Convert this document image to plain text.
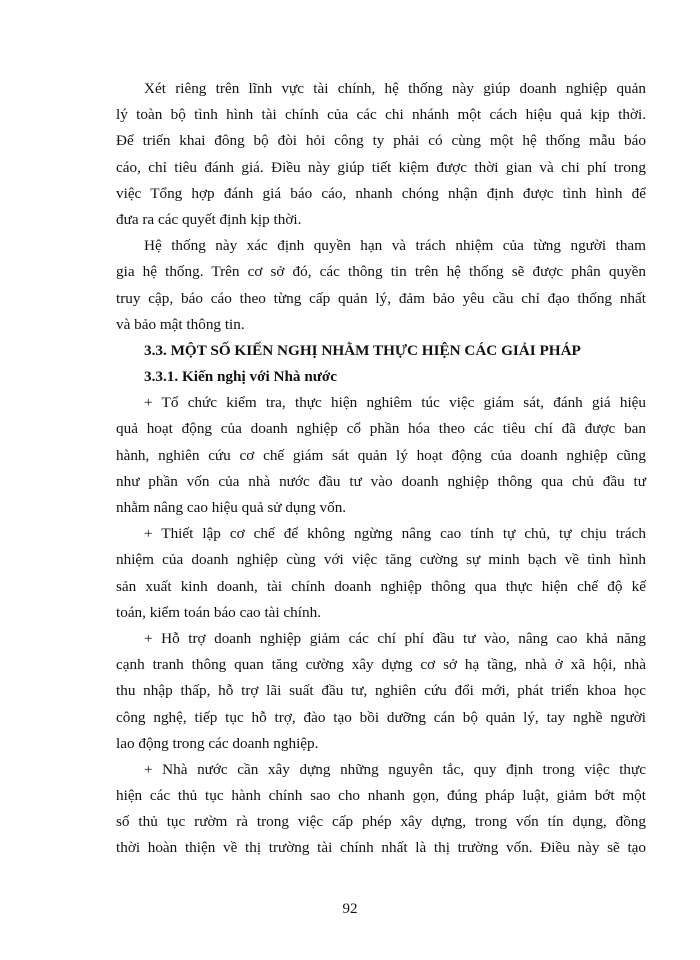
Xét riêng trên lĩnh vực tài chính, hệ thống này giúp doanh nghiệp quản
lý toàn bộ tình hình tài chính của các chi nhánh một cách hiệu quả kịp thời.
Để triển khai đông bộ đòi hỏi công ty phải có cùng một hệ thống mẫu báo
cáo, chỉ tiêu đánh giá. Điều này giúp tiết kiệm được thời gian và chi phí trong
việc Tổng hợp đánh giá báo cáo, nhanh chóng nhận định được tình hình để
đưa ra các quyết định kịp thời.

Hệ thống này xác định quyền hạn và trách nhiệm của từng người tham
gia hệ thống. Trên cơ sở đó, các thông tin trên hệ thống sẽ được phân quyền
truy cập, báo cáo theo từng cấp quản lý, đảm bảo yêu cầu chỉ đạo thống nhất
và bảo mật thông tin.

3.3. MỘT SỐ KIẾN NGHỊ NHẰM THỰC HIỆN CÁC GIẢI PHÁP

3.3.1. Kiến nghị với Nhà nước

+ Tổ chức kiểm tra, thực hiện nghiêm túc việc giám sát, đánh giá hiệu
quả hoạt động của doanh nghiệp cổ phần hóa theo các tiêu chí đã được ban
hành, nghiên cứu cơ chế giám sát quản lý hoạt động của doanh nghiệp cũng
như phần vốn của nhà nước đầu tư vào doanh nghiệp thông qua chủ đầu tư
nhằm nâng cao hiệu quả sử dụng vốn.

+ Thiết lập cơ chế để không ngừng nâng cao tính tự chủ, tự chịu trách
nhiệm của doanh nghiệp cùng với việc tăng cường sự minh bạch về tình hình
sản xuất kinh doanh, tài chính doanh nghiệp thông qua thực hiện chế độ kế
toán, kiểm toán báo cao tài chính.

+ Hỗ trợ doanh nghiệp giảm các chí phí đầu tư vào, nâng cao khả năng
cạnh tranh thông quan tăng cường xây dựng cơ sở hạ tầng, nhà ở xã hội, nhà
thu nhập thấp, hỗ trợ lãi suất đầu tư, nghiên cứu đổi mới, phát triển khoa học
công nghệ, tiếp tục hỗ trợ, đào tạo bồi dưỡng cán bộ quản lý, tay nghề người
lao động trong các doanh nghiệp.

+ Nhà nước cần xây dựng những nguyên tắc, quy định trong việc thực
hiện các thủ tục hành chính sao cho nhanh gọn, đúng pháp luật, giảm bớt một
số thủ tục rườm rà trong việc cấp phép xây dựng, trong vốn tín dụng, đồng
thời hoàn thiện về thị trường tài chính nhất là thị trường vốn. Điều này sẽ tạo

92
